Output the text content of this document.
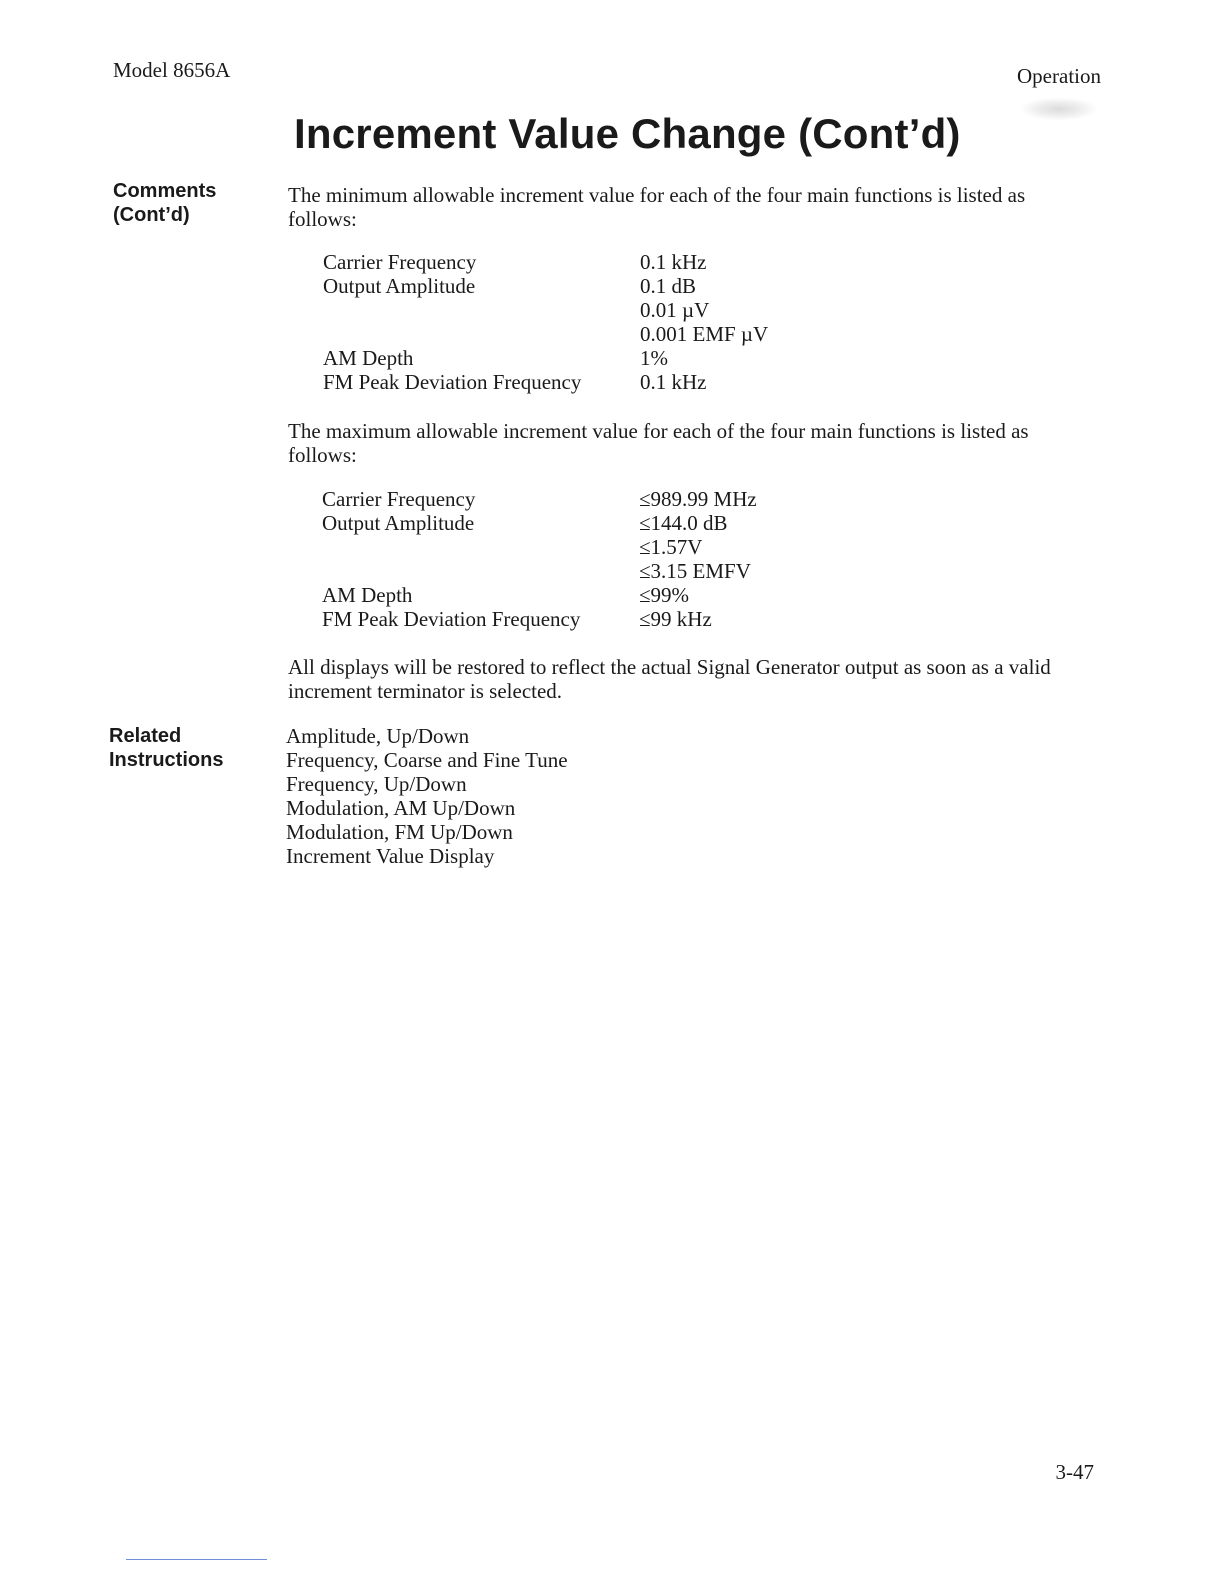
Model 8656A	Operation
Increment Value Change (Cont’d)
Comments
(Cont’d)

The minimum allowable increment value for each of the four main functions is listed as follows:

Carrier Frequency	0.1 kHz
Output Amplitude	0.1 dB
	0.01 µV
	0.001 EMF µV
AM Depth	1%
FM Peak Deviation Frequency	0.1 kHz

The maximum allowable increment value for each of the four main functions is listed as follows:

Carrier Frequency	≤989.99 MHz
Output Amplitude	≤144.0 dB
	≤1.57V
	≤3.15 EMFV
AM Depth	≤99%
FM Peak Deviation Frequency	≤99 kHz

All displays will be restored to reflect the actual Signal Generator output as soon as a valid increment terminator is selected.

Related
Instructions
Amplitude, Up/Down
Frequency, Coarse and Fine Tune
Frequency, Up/Down
Modulation, AM Up/Down
Modulation, FM Up/Down
Increment Value Display
3-47
